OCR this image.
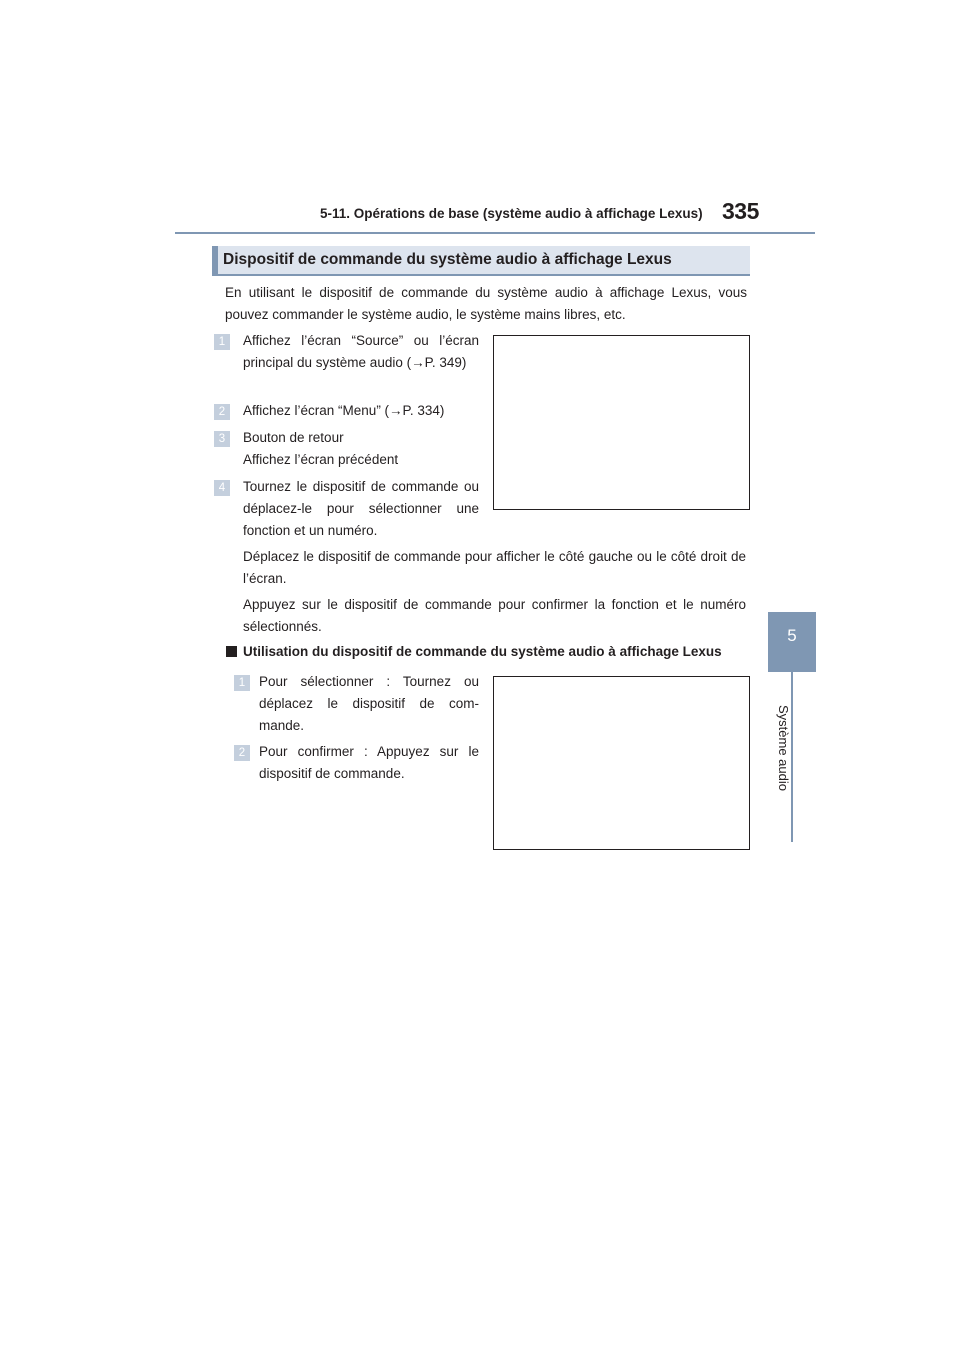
5-11. Opérations de base (système audio à affichage Lexus) 335
5
Système audio
Dispositif de commande du système audio à affichage Lexus
En utilisant le dispositif de commande du système audio à affichage Lexus, vous pouvez commander le système audio, le système mains libres, etc.
1	Affichez l’écran “Source” ou l’écran principal du système audio (→P. 349)
2	Affichez l’écran “Menu” (→P. 334)
3	Bouton de retour
Affichez l’écran précédent
4	Tournez le dispositif de commande ou déplacez-le pour sélectionner une fonction et un numéro.
Déplacez le dispositif de commande pour afficher le côté gauche ou le côté droit de l’écran.
Appuyez sur le dispositif de commande pour confirmer la fonction et le numéro sélectionnés.
Utilisation du dispositif de commande du système audio à affichage Lexus
1	Pour sélectionner : Tournez ou déplacez le dispositif de com-mande.
2	Pour confirmer : Appuyez sur le dispositif de commande.
